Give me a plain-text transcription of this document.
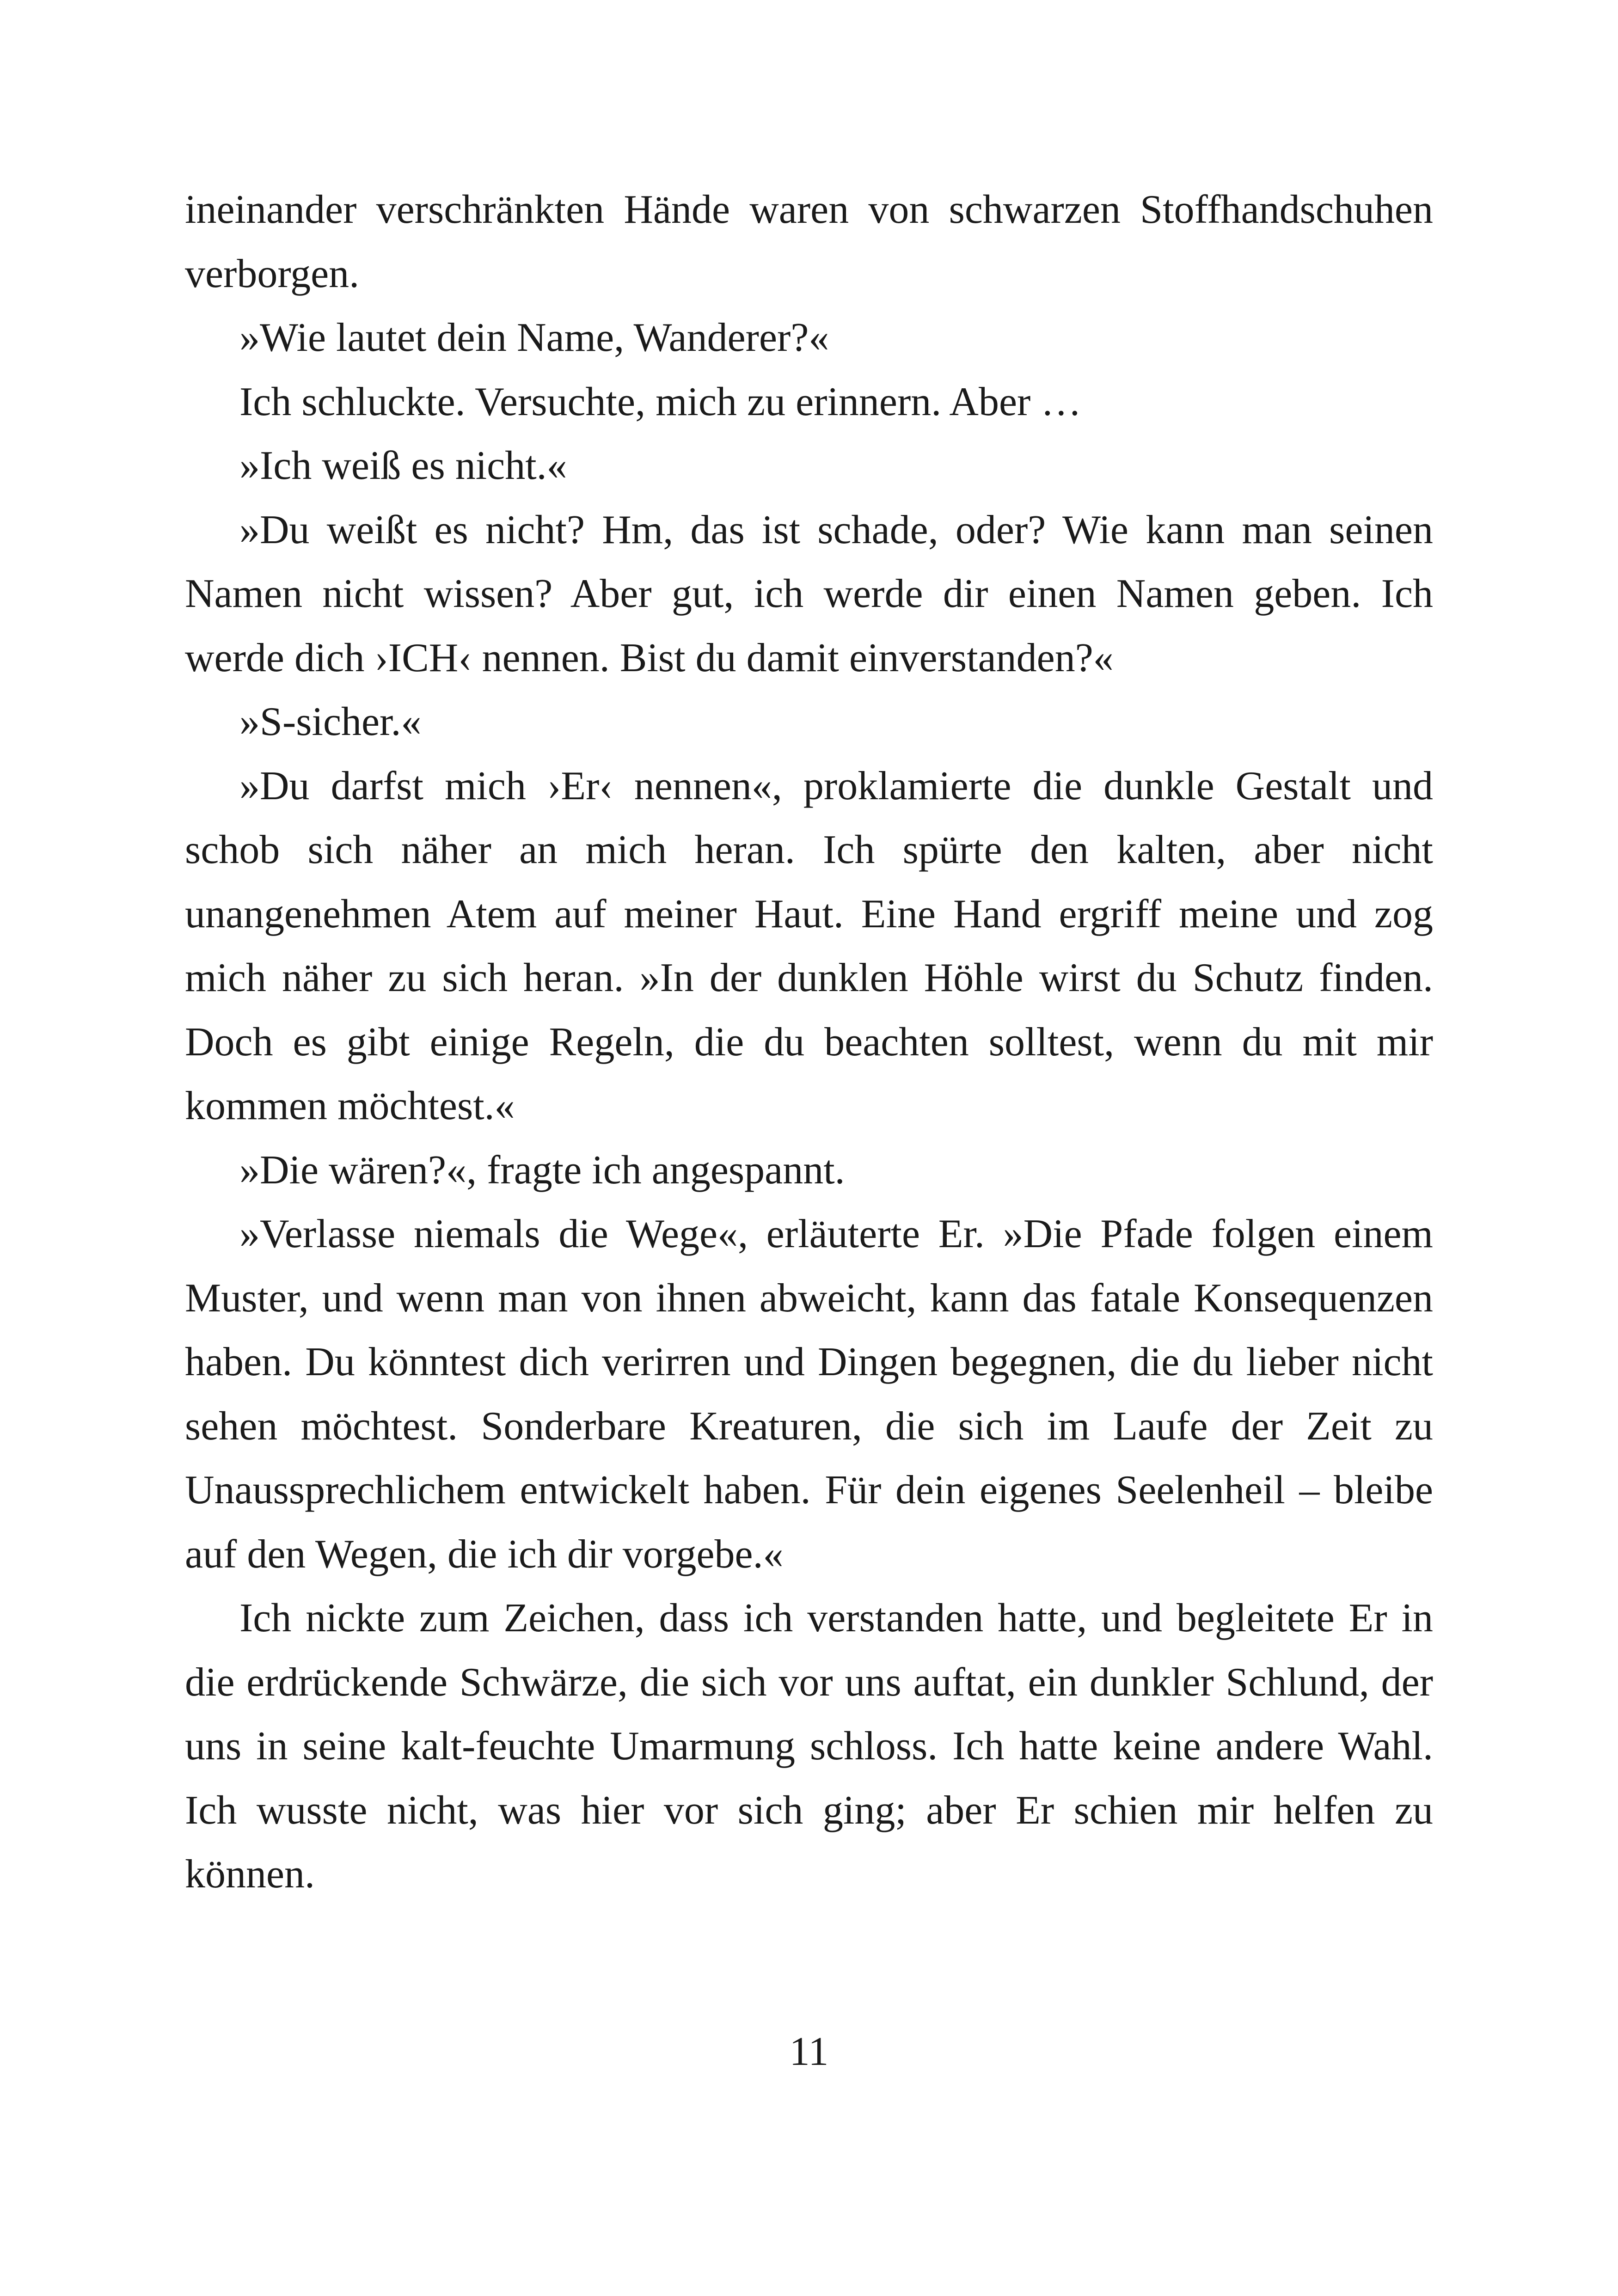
ineinander verschränkten Hände waren von schwarzen Stoffhandschuhen verborgen.

»Wie lautet dein Name, Wanderer?«

Ich schluckte. Versuchte, mich zu erinnern. Aber …

»Ich weiß es nicht.«

»Du weißt es nicht? Hm, das ist schade, oder? Wie kann man seinen Namen nicht wissen? Aber gut, ich werde dir einen Namen geben. Ich werde dich ›ICH‹ nennen. Bist du damit einverstanden?«

»S-sicher.«

»Du darfst mich ›Er‹ nennen«, proklamierte die dunkle Gestalt und schob sich näher an mich heran. Ich spürte den kalten, aber nicht unangenehmen Atem auf meiner Haut. Eine Hand ergriff meine und zog mich näher zu sich heran. »In der dunklen Höhle wirst du Schutz finden. Doch es gibt einige Regeln, die du beachten solltest, wenn du mit mir kommen möchtest.«

»Die wären?«, fragte ich angespannt.

»Verlasse niemals die Wege«, erläuterte Er. »Die Pfade folgen einem Muster, und wenn man von ihnen abweicht, kann das fatale Konsequenzen haben. Du könntest dich verirren und Dingen begegnen, die du lieber nicht sehen möchtest. Sonderbare Kreaturen, die sich im Laufe der Zeit zu Unaussprechlichem entwickelt haben. Für dein eigenes Seelenheil – bleibe auf den Wegen, die ich dir vorgebe.«

Ich nickte zum Zeichen, dass ich verstanden hatte, und begleitete Er in die erdrückende Schwärze, die sich vor uns auftat, ein dunkler Schlund, der uns in seine kalt-feuchte Umarmung schloss. Ich hatte keine andere Wahl. Ich wusste nicht, was hier vor sich ging; aber Er schien mir helfen zu können.

11
